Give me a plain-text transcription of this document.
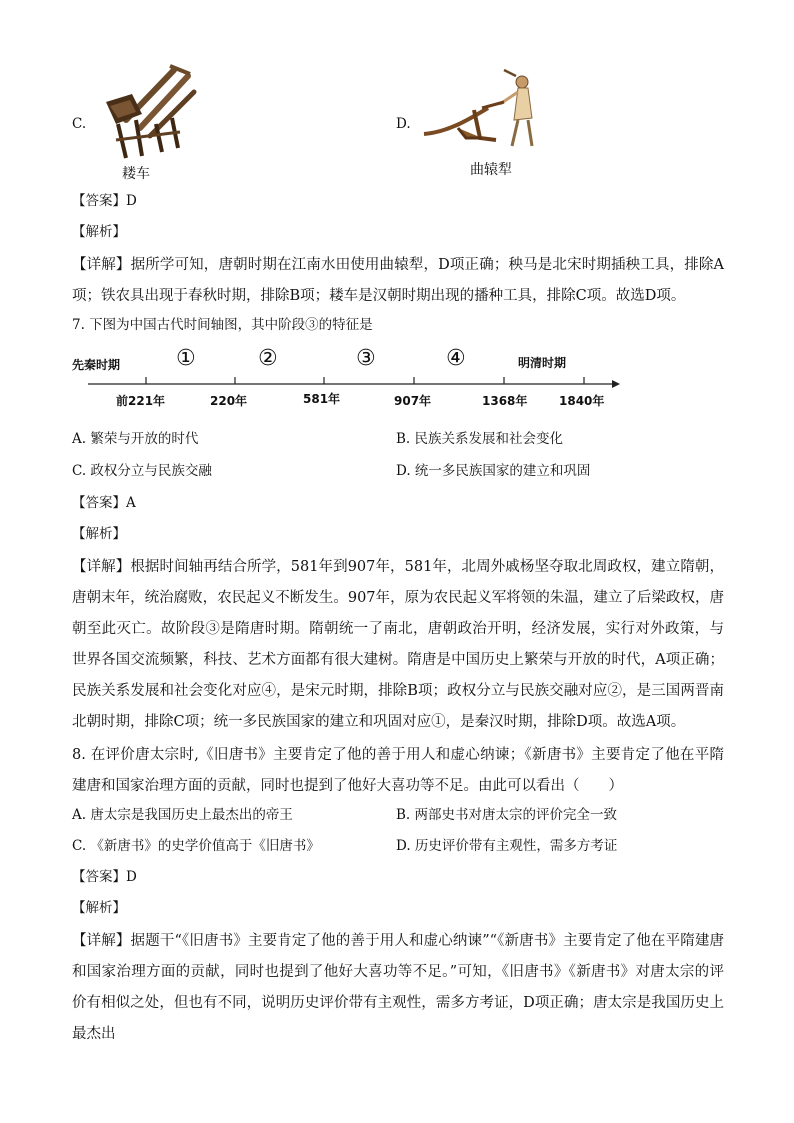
C.
耧车
D.
曲辕犁
【答案】D
【解析】
【详解】据所学可知，唐朝时期在江南水田使用曲辕犁，D项正确；秧马是北宋时期插秧工具，排除A项；铁农具出现于春秋时期，排除B项；耧车是汉朝时期出现的播种工具，排除C项。故选D项。
7. 下图为中国古代时间轴图，其中阶段③的特征是
先秦时期	明清时期
①	②	③	④
前221年	220年	581年	907年	1368年	1840年
A. 繁荣与开放的时代	B. 民族关系发展和社会变化
C. 政权分立与民族交融	D. 统一多民族国家的建立和巩固
【答案】A
【解析】
【详解】根据时间轴再结合所学，581年到907年，581年，北周外戚杨坚夺取北周政权，建立隋朝，唐朝末年，统治腐败，农民起义不断发生。907年，原为农民起义军将领的朱温，建立了后梁政权，唐朝至此灭亡。故阶段③是隋唐时期。隋朝统一了南北，唐朝政治开明，经济发展，实行对外政策，与世界各国交流频繁，科技、艺术方面都有很大建树。隋唐是中国历史上繁荣与开放的时代，A项正确；民族关系发展和社会变化对应④，是宋元时期，排除B项；政权分立与民族交融对应②，是三国两晋南北朝时期，排除C项；统一多民族国家的建立和巩固对应①，是秦汉时期，排除D项。故选A项。
8. 在评价唐太宗时,《旧唐书》主要肯定了他的善于用人和虚心纳谏；《新唐书》主要肯定了他在平隋建唐和国家治理方面的贡献，同时也提到了他好大喜功等不足。由此可以看出（　　）
A. 唐太宗是我国历史上最杰出的帝王	B. 两部史书对唐太宗的评价完全一致
C. 《新唐书》的史学价值高于《旧唐书》	D. 历史评价带有主观性，需多方考证
【答案】D
【解析】
【详解】据题干“《旧唐书》主要肯定了他的善于用人和虚心纳谏”“《新唐书》主要肯定了他在平隋建唐和国家治理方面的贡献，同时也提到了他好大喜功等不足。”可知，《旧唐书》《新唐书》对唐太宗的评价有相似之处，但也有不同，说明历史评价带有主观性，需多方考证，D项正确；唐太宗是我国历史上最杰出
